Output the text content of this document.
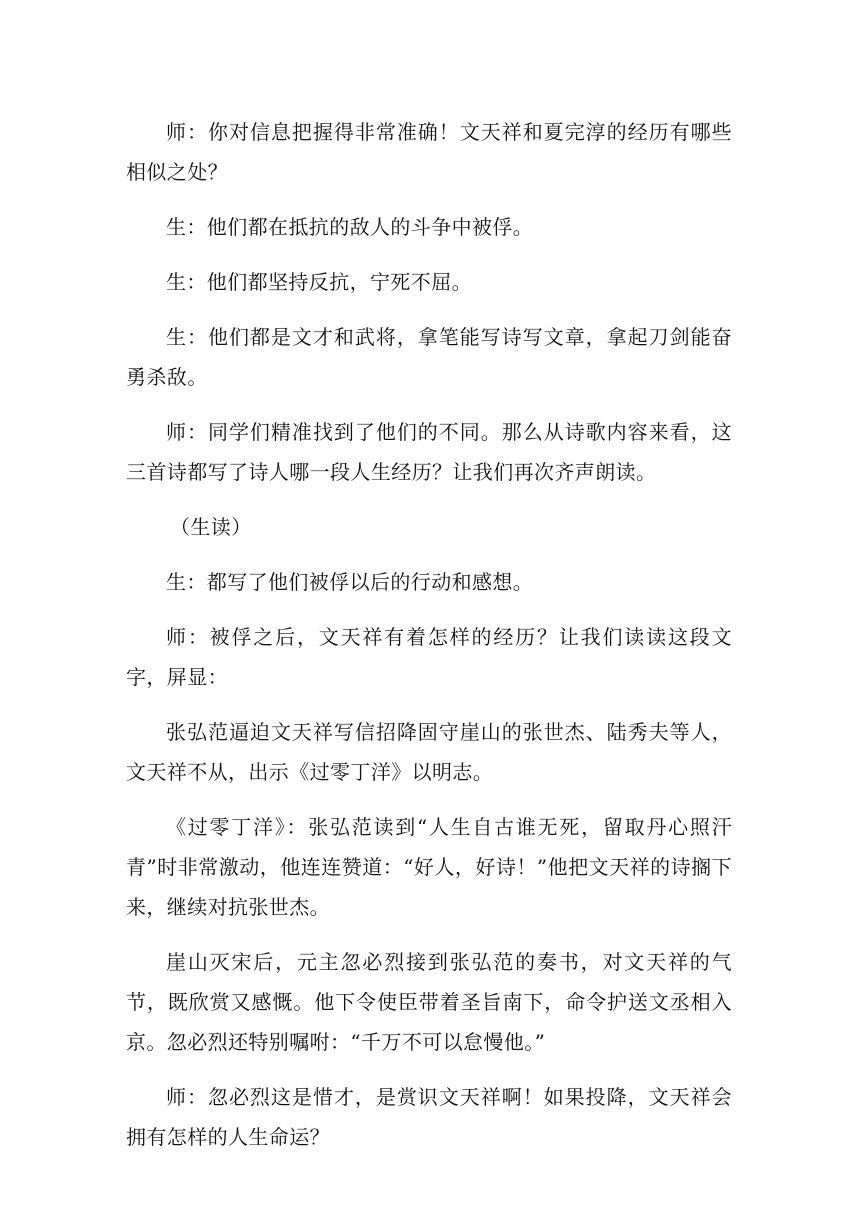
师：你对信息把握得非常准确！文天祥和夏完淳的经历有哪些相似之处？

生：他们都在抵抗的敌人的斗争中被俘。

生：他们都坚持反抗，宁死不屈。

生：他们都是文才和武将，拿笔能写诗写文章，拿起刀剑能奋勇杀敌。

师：同学们精准找到了他们的不同。那么从诗歌内容来看，这三首诗都写了诗人哪一段人生经历？让我们再次齐声朗读。

（生读）

生：都写了他们被俘以后的行动和感想。

师：被俘之后，文天祥有着怎样的经历？让我们读读这段文字，屏显：

张弘范逼迫文天祥写信招降固守崖山的张世杰、陆秀夫等人，文天祥不从，出示《过零丁洋》以明志。

《过零丁洋》：张弘范读到“人生自古谁无死，留取丹心照汗青”时非常激动，他连连赞道：“好人，好诗！”他把文天祥的诗搁下来，继续对抗张世杰。

崖山灭宋后，元主忽必烈接到张弘范的奏书，对文天祥的气节，既欣赏又感慨。他下令使臣带着圣旨南下，命令护送文丞相入京。忽必烈还特别嘱咐：“千万不可以怠慢他。”

师：忽必烈这是惜才，是赏识文天祥啊！如果投降，文天祥会拥有怎样的人生命运？
